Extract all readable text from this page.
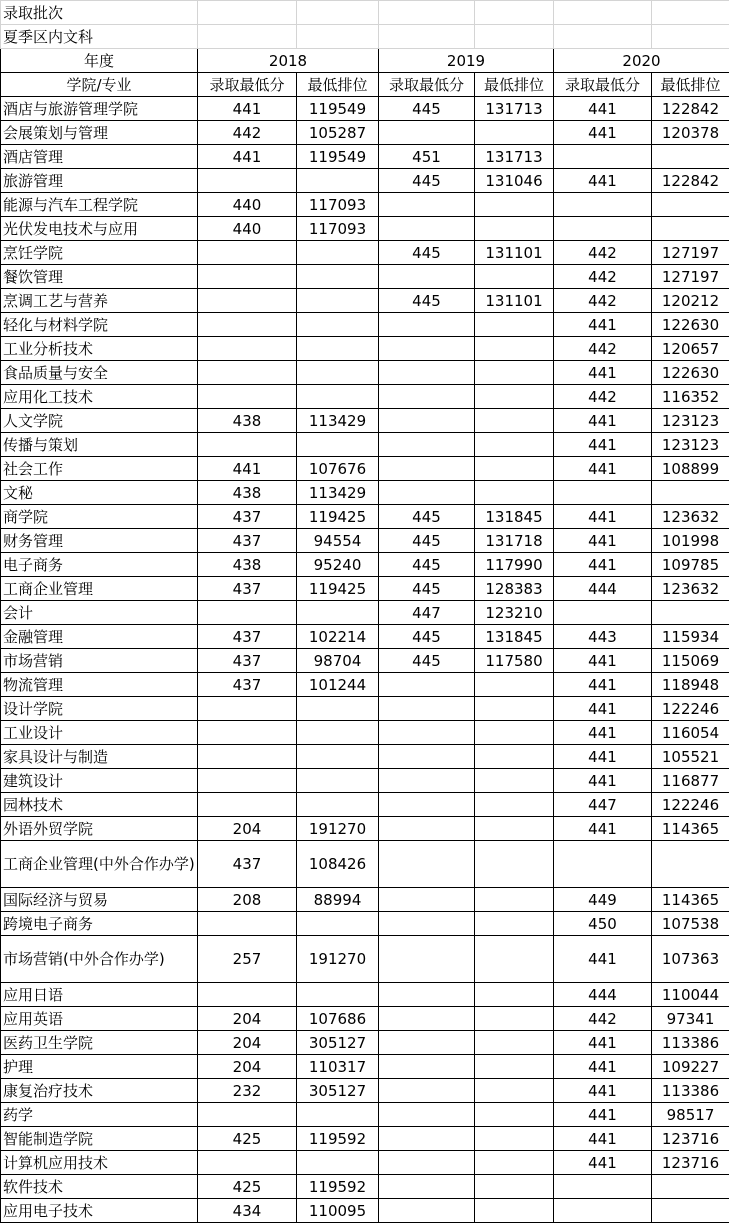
录取批次						
夏季区内文科						
年度	2018		2019		2020	
学院/专业	录取最低分	最低排位	录取最低分	最低排位	录取最低分	最低排位
酒店与旅游管理学院	441	119549	445	131713	441	122842
会展策划与管理	442	105287			441	120378
酒店管理	441	119549	451	131713		
旅游管理			445	131046	441	122842
能源与汽车工程学院	440	117093				
光伏发电技术与应用	440	117093				
烹饪学院			445	131101	442	127197
餐饮管理					442	127197
烹调工艺与营养			445	131101	442	120212
轻化与材料学院					441	122630
工业分析技术					442	120657
食品质量与安全					441	122630
应用化工技术					442	116352
人文学院	438	113429			441	123123
传播与策划					441	123123
社会工作	441	107676			441	108899
文秘	438	113429				
商学院	437	119425	445	131845	441	123632
财务管理	437	94554	445	131718	441	101998
电子商务	438	95240	445	117990	441	109785
工商企业管理	437	119425	445	128383	444	123632
会计			447	123210		
金融管理	437	102214	445	131845	443	115934
市场营销	437	98704	445	117580	441	115069
物流管理	437	101244			441	118948
设计学院					441	122246
工业设计					441	116054
家具设计与制造					441	105521
建筑设计					441	116877
园林技术					447	122246
外语外贸学院	204	191270			441	114365
工商企业管理(中外合作办学)	437	108426				
国际经济与贸易	208	88994			449	114365
跨境电子商务					450	107538
市场营销(中外合作办学)	257	191270			441	107363
应用日语					444	110044
应用英语	204	107686			442	97341
医药卫生学院	204	305127			441	113386
护理	204	110317			441	109227
康复治疗技术	232	305127			441	113386
药学					441	98517
智能制造学院	425	119592			441	123716
计算机应用技术					441	123716
软件技术	425	119592				
应用电子技术	434	110095				
